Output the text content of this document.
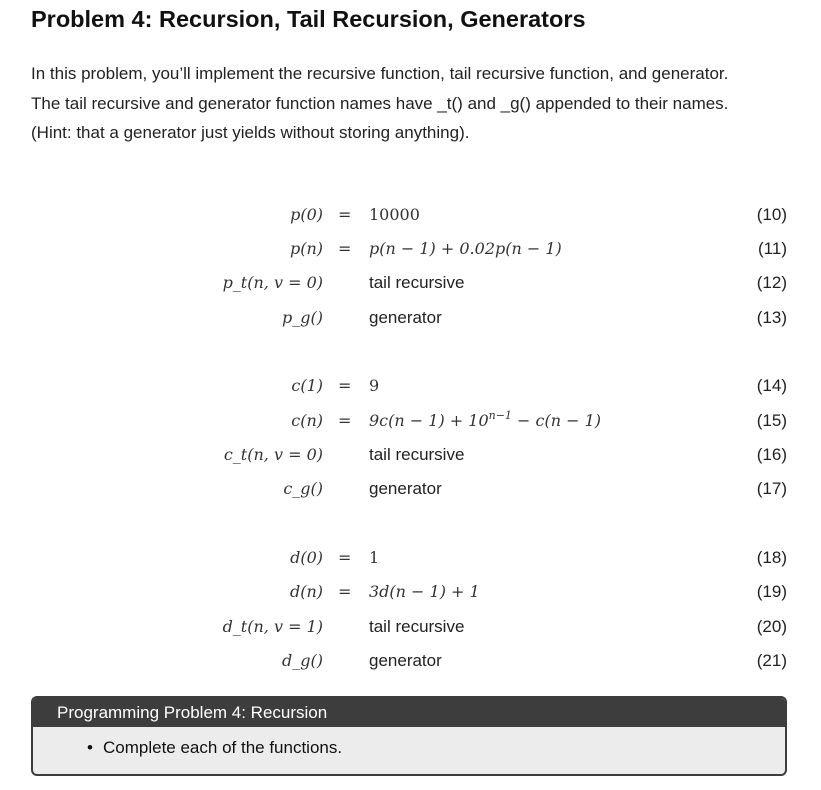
Problem 4: Recursion, Tail Recursion, Generators
In this problem, you’ll implement the recursive function, tail recursive function, and generator.
The tail recursive and generator function names have _t() and _g() appended to their names.
(Hint: that a generator just yields without storing anything).
p(0) = 10000	(10)
p(n) = p(n − 1) + 0.02p(n − 1)	(11)
p_t(n, v = 0)	tail recursive	(12)
p_g()	generator	(13)
c(1) = 9	(14)
$c(n) = 9c(n - 1) + 10^{n-1} - c(n - 1)$	(15)
c_t(n, v = 0)	tail recursive	(16)
c_g()	generator	(17)
d(0) = 1	(18)
d(n) = 3d(n − 1) + 1	(19)
d_t(n, v = 1)	tail recursive	(20)
d_g()	generator	(21)
Programming Problem 4: Recursion
• Complete each of the functions.
